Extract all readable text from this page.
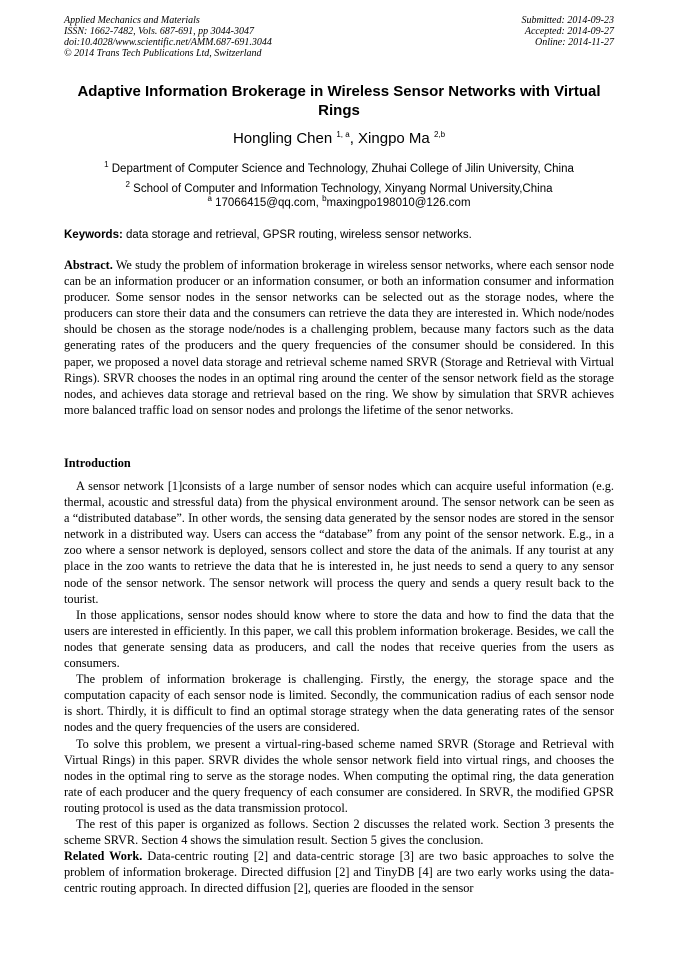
Applied Mechanics and Materials
ISSN: 1662-7482, Vols. 687-691, pp 3044-3047
doi:10.4028/www.scientific.net/AMM.687-691.3044
© 2014 Trans Tech Publications Ltd, Switzerland
Submitted: 2014-09-23
Accepted: 2014-09-27
Online: 2014-11-27
Adaptive Information Brokerage in Wireless Sensor Networks with Virtual Rings
Hongling Chen $^{1, a}$, Xingpo Ma $^{2,b}$
$^1$ Department of Computer Science and Technology, Zhuhai College of Jilin University, China
$^2$ School of Computer and Information Technology, Xinyang Normal University,China
$^a$ 17066415@qq.com, $^b$maxingpo198010@126.com
Keywords: data storage and retrieval, GPSR routing, wireless sensor networks.

Abstract. We study the problem of information brokerage in wireless sensor networks, where each sensor node can be an information producer or an information consumer, or both an information consumer and information producer. Some sensor nodes in the sensor networks can be selected out as the storage nodes, where the producers can store their data and the consumers can retrieve the data they are interested in. Which node/nodes should be chosen as the storage node/nodes is a challenging problem, because many factors such as the data generating rates of the producers and the query frequencies of the consumer should be considered. In this paper, we proposed a novel data storage and retrieval scheme named SRVR (Storage and Retrieval with Virtual Rings). SRVR chooses the nodes in an optimal ring around the center of the sensor network field as the storage nodes, and achieves data storage and retrieval based on the ring. We show by simulation that SRVR achieves more balanced traffic load on sensor nodes and prolongs the lifetime of the senor networks.

Introduction

A sensor network [1]consists of a large number of sensor nodes which can acquire useful information (e.g. thermal, acoustic and stressful data) from the physical environment around. The sensor network can be seen as a “distributed database”. In other words, the sensing data generated by the sensor nodes are stored in the sensor network in a distributed way. Users can access the “database” from any point of the sensor network. E.g., in a zoo where a sensor network is deployed, sensors collect and store the data of the animals. If any tourist at any place in the zoo wants to retrieve the data that he is interested in, he just needs to send a query to any sensor node of the sensor network. The sensor network will process the query and sends a query result back to the tourist.

In those applications, sensor nodes should know where to store the data and how to find the data that the users are interested in efficiently. In this paper, we call this problem information brokerage. Besides, we call the nodes that generate sensing data as producers, and call the nodes that receive queries from the users as consumers.

The problem of information brokerage is challenging. Firstly, the energy, the storage space and the computation capacity of each sensor node is limited. Secondly, the communication radius of each sensor node is short. Thirdly, it is difficult to find an optimal storage strategy when the data generating rates of the sensor nodes and the query frequencies of the users are considered.

To solve this problem, we present a virtual-ring-based scheme named SRVR (Storage and Retrieval with Virtual Rings) in this paper. SRVR divides the whole sensor network field into virtual rings, and chooses the nodes in the optimal ring to serve as the storage nodes. When computing the optimal ring, the data generation rate of each producer and the query frequency of each consumer are considered. In SRVR, the modified GPSR routing protocol is used as the data transmission protocol.

The rest of this paper is organized as follows. Section 2 discusses the related work. Section 3 presents the scheme SRVR. Section 4 shows the simulation result. Section 5 gives the conclusion.

Related Work. Data-centric routing [2] and data-centric storage [3] are two basic approaches to solve the problem of information brokerage. Directed diffusion [2] and TinyDB [4] are two early works using the data-centric routing approach. In directed diffusion [2], queries are flooded in the sensor
